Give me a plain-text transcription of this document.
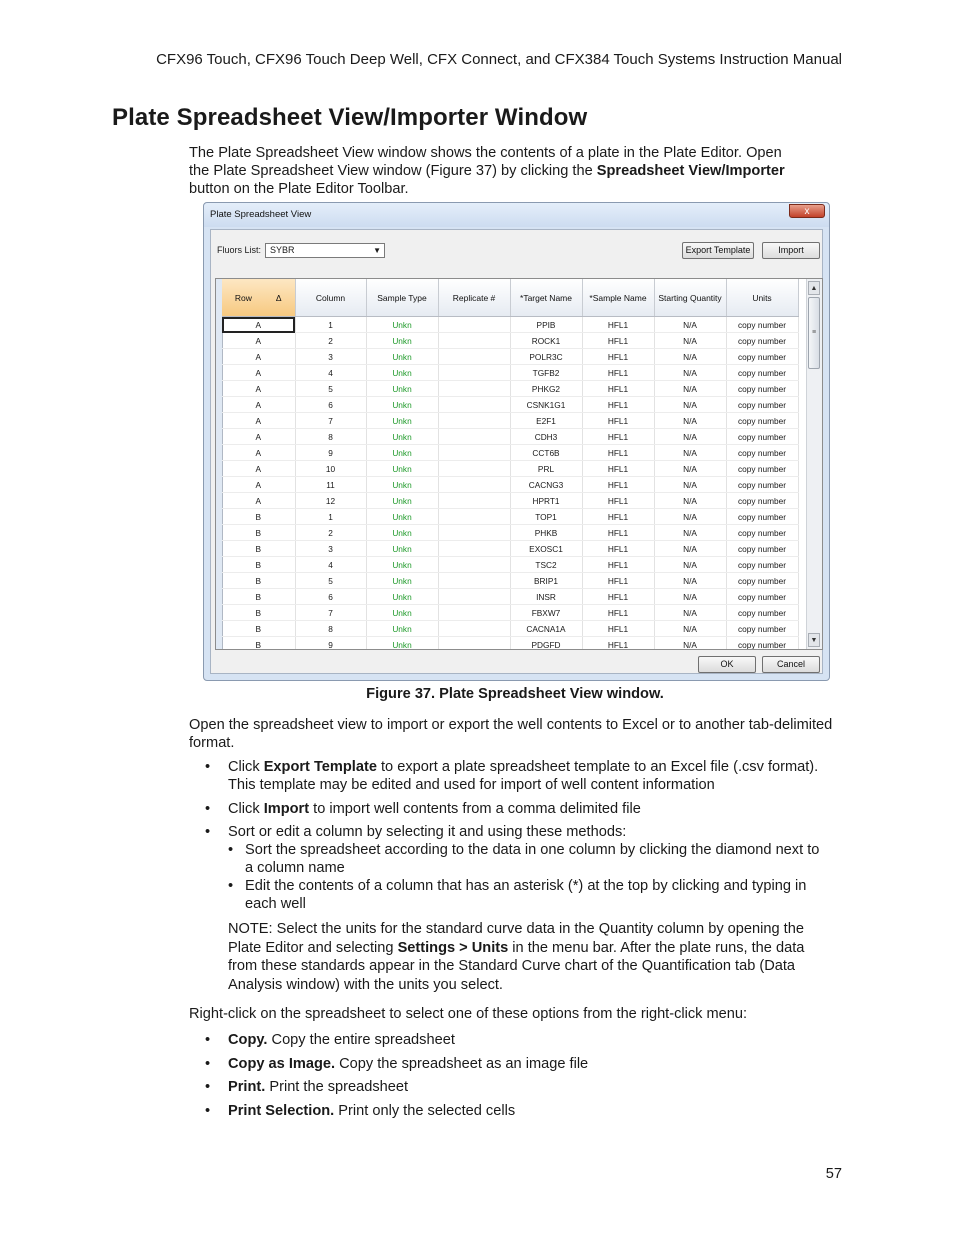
CFX96 Touch, CFX96 Touch Deep Well, CFX Connect, and CFX384 Touch Systems Instruction Manual
Plate Spreadsheet View/Importer Window

The Plate Spreadsheet View window shows the contents of a plate in the Plate Editor. Open
the Plate Spreadsheet View window (Figure 37) by clicking the Spreadsheet View/Importer
button on the Plate Editor Toolbar.

Plate Spreadsheet View	x
Fluors List: SYBR	▼	Export Template	Import
Row Δ	Column	Sample Type	Replicate #	*Target Name	*Sample Name	Starting Quantity	Units
A	1	Unkn		PPIB	HFL1	N/A	copy number
A	2	Unkn		ROCK1	HFL1	N/A	copy number
A	3	Unkn		POLR3C	HFL1	N/A	copy number
A	4	Unkn		TGFB2	HFL1	N/A	copy number
A	5	Unkn		PHKG2	HFL1	N/A	copy number
A	6	Unkn		CSNK1G1	HFL1	N/A	copy number
A	7	Unkn		E2F1	HFL1	N/A	copy number
A	8	Unkn		CDH3	HFL1	N/A	copy number
A	9	Unkn		CCT6B	HFL1	N/A	copy number
A	10	Unkn		PRL	HFL1	N/A	copy number
A	11	Unkn		CACNG3	HFL1	N/A	copy number
A	12	Unkn		HPRT1	HFL1	N/A	copy number
B	1	Unkn		TOP1	HFL1	N/A	copy number
B	2	Unkn		PHKB	HFL1	N/A	copy number
B	3	Unkn		EXOSC1	HFL1	N/A	copy number
B	4	Unkn		TSC2	HFL1	N/A	copy number
B	5	Unkn		BRIP1	HFL1	N/A	copy number
B	6	Unkn		INSR	HFL1	N/A	copy number
B	7	Unkn		FBXW7	HFL1	N/A	copy number
B	8	Unkn		CACNA1A	HFL1	N/A	copy number
B	9	Unkn		PDGFD	HFL1	N/A	copy number
▲
≡
▼
OK	Cancel
Figure 37. Plate Spreadsheet View window.

Open the spreadsheet view to import or export the well contents to Excel or to another tab-delimited format.

• Click Export Template to export a plate spreadsheet template to an Excel file (.csv format). This template may be edited and used for import of well content information
• Click Import to import well contents from a comma delimited file
• Sort or edit a column by selecting it and using these methods:
• Sort the spreadsheet according to the data in one column by clicking the diamond next to a column name
• Edit the contents of a column that has an asterisk (*) at the top by clicking and typing in each well

NOTE: Select the units for the standard curve data in the Quantity column by opening the Plate Editor and selecting Settings > Units in the menu bar. After the plate runs, the data from these standards appear in the Standard Curve chart of the Quantification tab (Data Analysis window) with the units you select.

Right-click on the spreadsheet to select one of these options from the right-click menu:

• Copy. Copy the entire spreadsheet
• Copy as Image. Copy the spreadsheet as an image file
• Print. Print the spreadsheet
• Print Selection. Print only the selected cells
57
